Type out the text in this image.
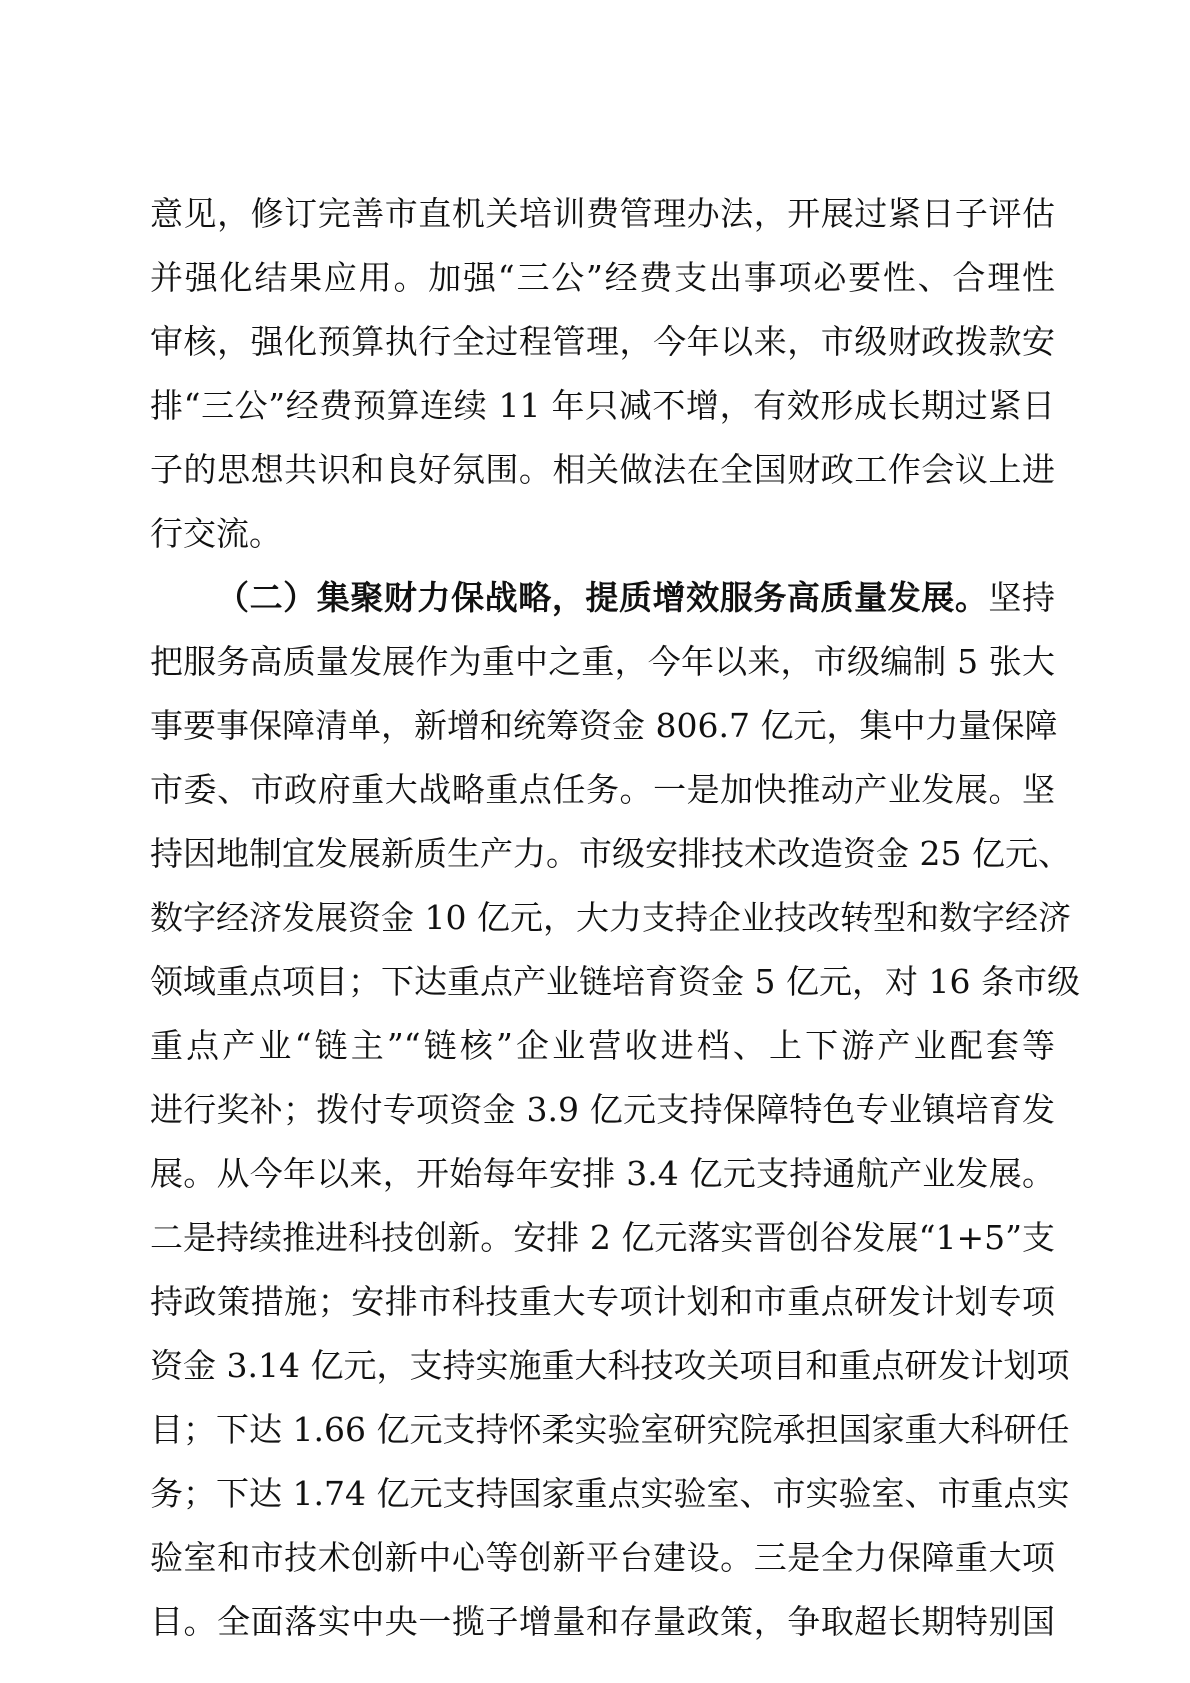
意见，修订完善市直机关培训费管理办法，开展过紧日子评估
并强化结果应用。加强“三公”经费支出事项必要性、合理性
审核，强化预算执行全过程管理，今年以来，市级财政拨款安
排“三公”经费预算连续 11 年只减不增，有效形成长期过紧日
子的思想共识和良好氛围。相关做法在全国财政工作会议上进
行交流。
（二）集聚财力保战略，提质增效服务高质量发展。坚持
把服务高质量发展作为重中之重，今年以来，市级编制 5 张大
事要事保障清单，新增和统筹资金 806.7 亿元，集中力量保障
市委、市政府重大战略重点任务。一是加快推动产业发展。坚
持因地制宜发展新质生产力。市级安排技术改造资金 25 亿元、
数字经济发展资金 10 亿元，大力支持企业技改转型和数字经济
领域重点项目；下达重点产业链培育资金 5 亿元，对 16 条市级
重点产业“链主”“链核”企业营收进档、上下游产业配套等
进行奖补；拨付专项资金 3.9 亿元支持保障特色专业镇培育发
展。从今年以来，开始每年安排 3.4 亿元支持通航产业发展。
二是持续推进科技创新。安排 2 亿元落实晋创谷发展“1+5”支
持政策措施；安排市科技重大专项计划和市重点研发计划专项
资金 3.14 亿元，支持实施重大科技攻关项目和重点研发计划项
目；下达 1.66 亿元支持怀柔实验室研究院承担国家重大科研任
务；下达 1.74 亿元支持国家重点实验室、市实验室、市重点实
验室和市技术创新中心等创新平台建设。三是全力保障重大项
目。全面落实中央一揽子增量和存量政策，争取超长期特别国
